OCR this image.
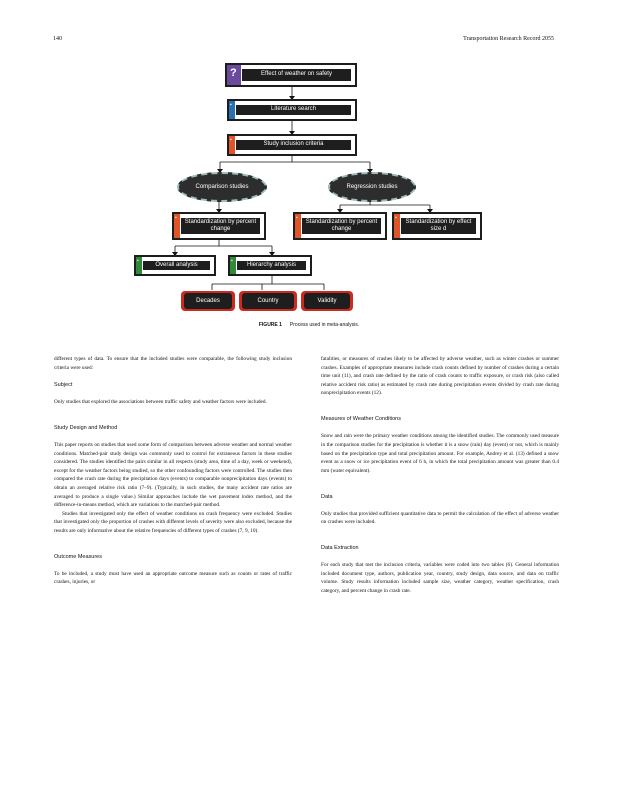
140	Transportation Research Record 2055
?	Effect of weather on safety
▪
Literature search
▪
Study inclusion criteria
Comparison studies	Regression studies
▪
Standardization by percent change
▪
Standardization by percent change
▪
Standardization by effect size d
▪
Overall analysis
▪
Hierarchy analysis
Decades	Country	Validity
FIGURE 1 Process used in meta-analysis.

different types of data. To ensure that the included studies were comparable, the following study inclusion criteria were used:

Subject

Only studies that explored the associations between traffic safety and weather factors were included.

Study Design and Method

This paper reports on studies that used some form of comparison between adverse weather and normal weather conditions. Matched-pair study design was commonly used to control for extraneous factors in these studies considered. The studies identified the pairs similar in all respects (study area, time of a day, week or weekend), except for the weather factors being studied, so the other confounding factors were controlled. The studies then compared the crash rate during the precipitation days (events) to comparable nonprecipitation days (events) to obtain an averaged relative risk ratio (7–9). (Typically, in such studies, the many accident rate ratios are averaged to produce a single value.) Similar approaches include the wet pavement index method, and the difference-in-means method, which are variations to the matched-pair method.

Studies that investigated only the effect of weather conditions on crash frequency were excluded. Studies that investigated only the proportion of crashes with different levels of severity were also excluded, because the results are only informative about the relative frequencies of different types of crashes (7, 9, 10).

Outcome Measures

To be included, a study must have used an appropriate outcome measure such as counts or rates of traffic crashes, injuries, or

fatalities, or measures of crashes likely to be affected by adverse weather, such as winter crashes or summer crashes. Examples of appropriate measures include crash counts defined by number of crashes during a certain time unit (11), and crash rate defined by the ratio of crash counts to traffic exposure, or crash risk (also called relative accident risk ratio) as estimated by crash rate during precipitation events divided by crash rate during nonprecipitation events (12).

Measures of Weather Conditions

Snow and rain were the primary weather conditions among the identified studies. The commonly used measure in the comparison studies for the precipitation is whether it is a snow (rain) day (event) or not, which is mainly based on the precipitation type and total precipitation amount. For example, Andrey et al. (13) defined a snow event as a snow or ice precipitation event of 6 h, in which the total precipitation amount was greater than 0.4 mm (water equivalent).

Data

Only studies that provided sufficient quantitative data to permit the calculation of the effect of adverse weather on crashes were included.

Data Extraction

For each study that met the inclusion criteria, variables were coded into two tables (6). General information included document type, authors, publication year, country, study design, data source, and data on traffic volume. Study results information included sample size, weather category, weather specification, crash category, and percent change in crash rate.
